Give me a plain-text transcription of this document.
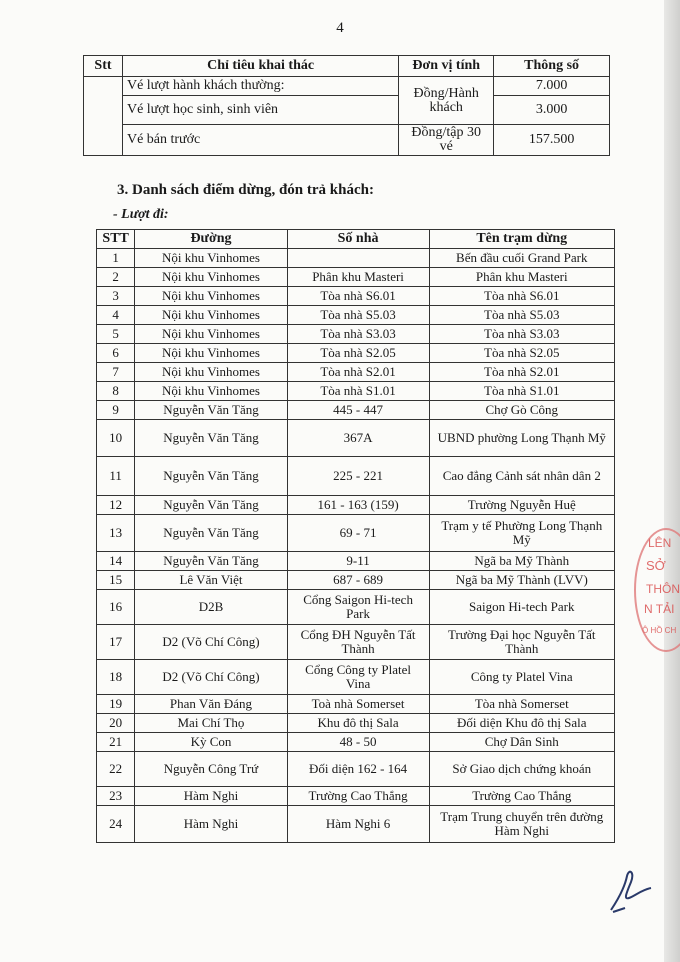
4
Stt	Chỉ tiêu khai thác	Đơn vị tính	Thông số
	Vé lượt hành khách thường:	Đồng/Hành khách	7.000
	Vé lượt học sinh, sinh viên		3.000
	Vé bán trước	Đồng/tập 30 vé	157.500
3. Danh sách điểm dừng, đón trả khách:
- Lượt đi:
STT	Đường	Số nhà	Tên trạm dừng
1	Nội khu Vinhomes		Bến đầu cuối Grand Park
2	Nội khu Vinhomes	Phân khu Masteri	Phân khu Masteri
3	Nội khu Vinhomes	Tòa nhà S6.01	Tòa nhà S6.01
4	Nội khu Vinhomes	Tòa nhà S5.03	Tòa nhà S5.03
5	Nội khu Vinhomes	Tòa nhà S3.03	Tòa nhà S3.03
6	Nội khu Vinhomes	Tòa nhà S2.05	Tòa nhà S2.05
7	Nội khu Vinhomes	Tòa nhà S2.01	Tòa nhà S2.01
8	Nội khu Vinhomes	Tòa nhà S1.01	Tòa nhà S1.01
9	Nguyễn Văn Tăng	445 - 447	Chợ Gò Công
10	Nguyễn Văn Tăng	367A	UBND phường Long Thạnh Mỹ
11	Nguyễn Văn Tăng	225 - 221	Cao đẳng Cảnh sát nhân dân 2
12	Nguyễn Văn Tăng	161 - 163 (159)	Trường Nguyễn Huệ
13	Nguyễn Văn Tăng	69 - 71	Trạm y tế Phường Long Thạnh Mỹ
14	Nguyễn Văn Tăng	9-11	Ngã ba Mỹ Thành
15	Lê Văn Việt	687 - 689	Ngã ba Mỹ Thành (LVV)
16	D2B	Cổng Saigon Hi-tech Park	Saigon Hi-tech Park
17	D2 (Võ Chí Công)	Cổng ĐH Nguyễn Tất Thành	Trường Đại học Nguyễn Tất Thành
18	D2 (Võ Chí Công)	Cổng Công ty Platel Vina	Công ty Platel Vina
19	Phan Văn Đáng	Toà nhà Somerset	Tòa nhà Somerset
20	Mai Chí Thọ	Khu đô thị Sala	Đối diện Khu đô thị Sala
21	Kỳ Con	48 - 50	Chợ Dân Sinh
22	Nguyễn Công Trứ	Đối diện 162 - 164	Sở Giao dịch chứng khoán
23	Hàm Nghi	Trường Cao Thắng	Trường Cao Thắng
24	Hàm Nghi	Hàm Nghi 6	Trạm Trung chuyển trên đường Hàm Nghi
LÊN
SỞ
THÔN
N TẢI
Ô HỒ CH
